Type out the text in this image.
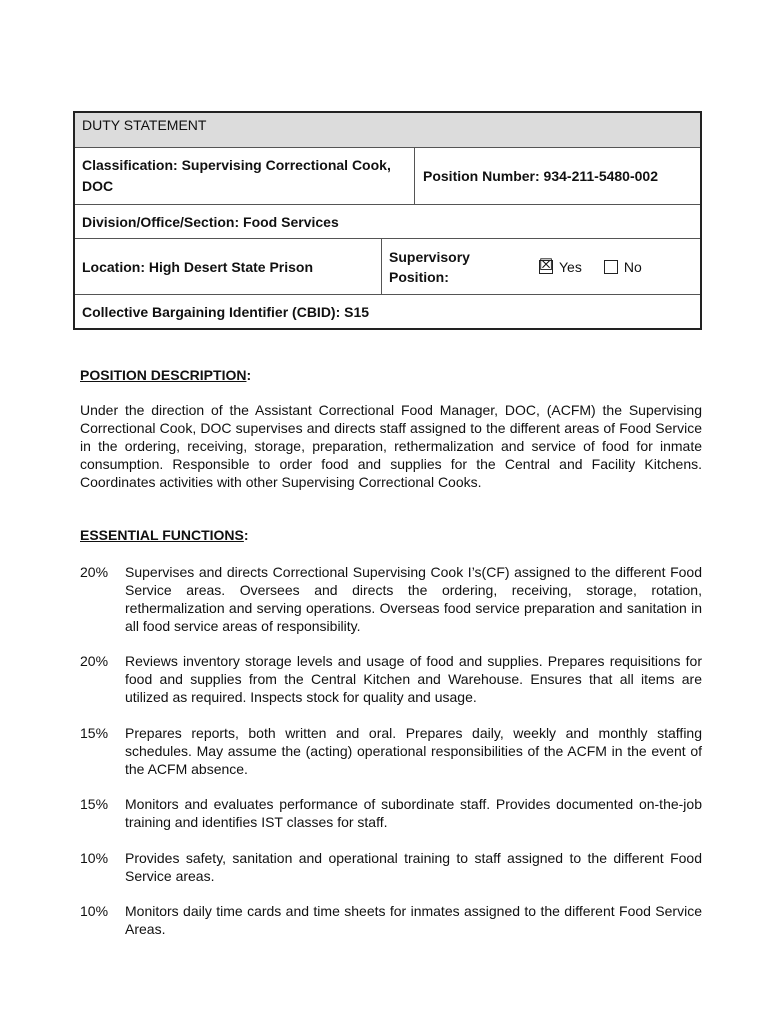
DUTY STATEMENT
Classification: Supervising Correctional Cook, DOC
Position Number: 934-211-5480-002
Division/Office/Section: Food Services
Location: High Desert State Prison
Supervisory
Position:
☒ Yes	No
Collective Bargaining Identifier (CBID): S15
POSITION DESCRIPTION:

Under the direction of the Assistant Correctional Food Manager, DOC, (ACFM) the Supervising Correctional Cook, DOC supervises and directs staff assigned to the different areas of Food Service in the ordering, receiving, storage, preparation, rethermalization and service of food for inmate consumption. Responsible to order food and supplies for the Central and Facility Kitchens. Coordinates activities with other Supervising Correctional Cooks.

ESSENTIAL FUNCTIONS:
20%	Supervises and directs Correctional Supervising Cook I’s(CF) assigned to the different Food Service areas. Oversees and directs the ordering, receiving, storage, rotation, rethermalization and serving operations. Overseas food service preparation and sanitation in all food service areas of responsibility.
20%	Reviews inventory storage levels and usage of food and supplies. Prepares requisitions for food and supplies from the Central Kitchen and Warehouse. Ensures that all items are utilized as required. Inspects stock for quality and usage.
15%	Prepares reports, both written and oral. Prepares daily, weekly and monthly staffing schedules. May assume the (acting) operational responsibilities of the ACFM in the event of the ACFM absence.
15%	Monitors and evaluates performance of subordinate staff. Provides documented on-the-job training and identifies IST classes for staff.
10%	Provides safety, sanitation and operational training to staff assigned to the different Food Service areas.
10%	Monitors daily time cards and time sheets for inmates assigned to the different Food Service Areas.
